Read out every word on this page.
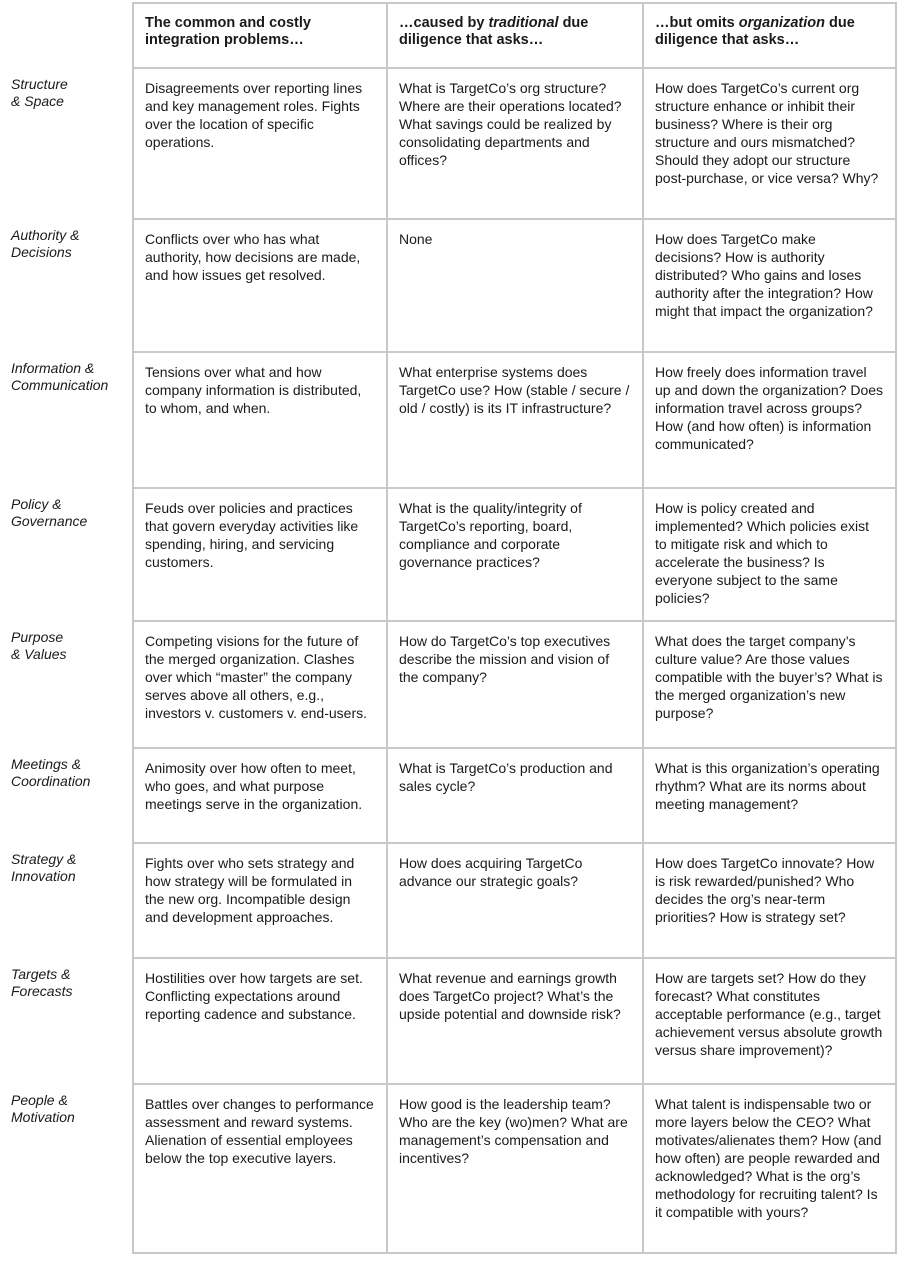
The common and costly integration problems…
…caused by traditional due diligence that asks…
…but omits organization due diligence that asks…
Structure
& Space
Disagreements over reporting lines and key management roles. Fights over the location of specific operations.
What is TargetCo’s org structure? Where are their operations located? What savings could be realized by consolidating departments and offices?
How does TargetCo’s current org structure enhance or inhibit their business? Where is their org structure and ours mismatched? Should they adopt our structure post-purchase, or vice versa? Why?
Authority &
Decisions
Conflicts over who has what authority, how decisions are made, and how issues get resolved.
None	How does TargetCo make decisions? How is authority distributed? Who gains and loses authority after the integration? How might that impact the organization?
Information &
Communication
Tensions over what and how company information is distributed, to whom, and when.
What enterprise systems does TargetCo use? How (stable / secure / old / costly) is its IT infrastructure?
How freely does information travel up and down the organization? Does information travel across groups? How (and how often) is information communicated?
Policy &
Governance
Feuds over policies and practices that govern everyday activities like spending, hiring, and servicing customers.
What is the quality/integrity of TargetCo’s reporting, board, compliance and corporate governance practices?
How is policy created and implemented? Which policies exist to mitigate risk and which to accelerate the business? Is everyone subject to the same policies?
Purpose
& Values
Competing visions for the future of the merged organization. Clashes over which “master” the company serves above all others, e.g., investors v. customers v. end-users.
How do TargetCo’s top executives describe the mission and vision of the company?
What does the target company’s culture value? Are those values compatible with the buyer’s? What is the merged organization’s new purpose?
Meetings &
Coordination
Animosity over how often to meet, who goes, and what purpose meetings serve in the organization.
What is TargetCo’s production and sales cycle?
What is this organization’s operating rhythm? What are its norms about meeting management?
Strategy &
Innovation
Fights over who sets strategy and how strategy will be formulated in the new org. Incompatible design and development approaches.
How does acquiring TargetCo advance our strategic goals?
How does TargetCo innovate? How is risk rewarded/punished? Who decides the org’s near-term priorities? How is strategy set?
Targets &
Forecasts
Hostilities over how targets are set. Conflicting expectations around reporting cadence and substance.
What revenue and earnings growth does TargetCo project? What’s the upside potential and downside risk?
How are targets set? How do they forecast? What constitutes acceptable performance (e.g., target achievement versus absolute growth versus share improvement)?
People &
Motivation
Battles over changes to performance assessment and reward systems. Alienation of essential employees below the top executive layers.
How good is the leadership team? Who are the key (wo)men? What are management’s compensation and incentives?
What talent is indispensable two or more layers below the CEO? What motivates/alienates them? How (and how often) are people rewarded and acknowledged? What is the org’s methodology for recruiting talent? Is it compatible with yours?
